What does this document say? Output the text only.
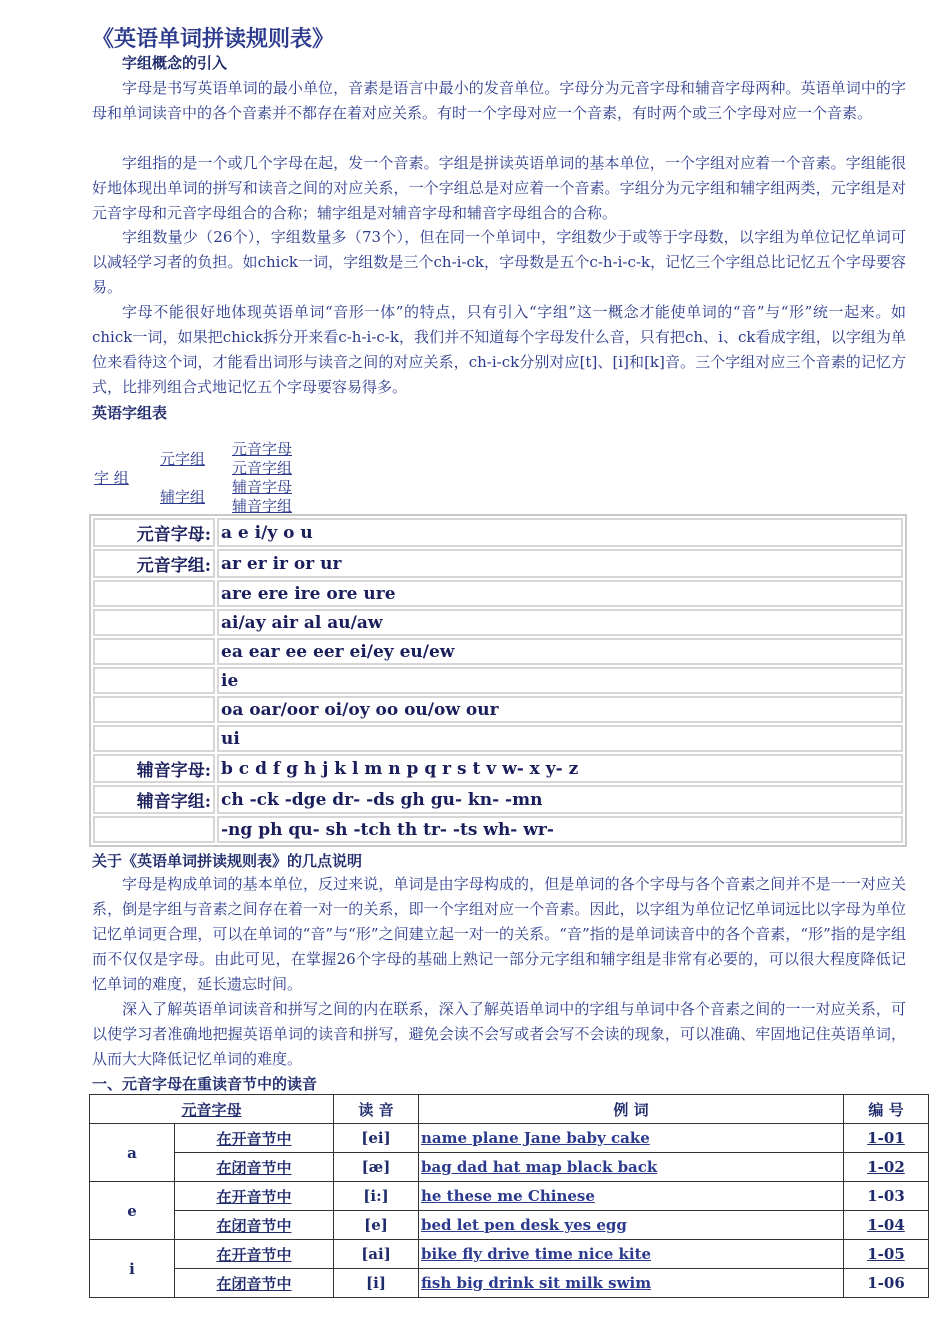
《英语单词拼读规则表》

字组概念的引入

字母是书写英语单词的最小单位，音素是语言中最小的发音单位。字母分为元音字母和辅音字母两种。英语单词中的字母和单词读音中的各个音素并不都存在着对应关系。有时一个字母对应一个音素，有时两个或三个字母对应一个音素。

字组指的是一个或几个字母在起，发一个音素。字组是拼读英语单词的基本单位，一个字组对应着一个音素。字组能很好地体现出单词的拼写和读音之间的对应关系，一个字组总是对应着一个音素。字组分为元字组和辅字组两类，元字组是对元音字母和元音字母组合的合称；辅字组是对辅音字母和辅音字母组合的合称。

字组数量少（26个），字组数量多（73个），但在同一个单词中，字组数少于或等于字母数，以字组为单位记忆单词可以减轻学习者的负担。如chick一词，字组数是三个ch-i-ck，字母数是五个c-h-i-c-k，记忆三个字组总比记忆五个字母要容易。

字母不能很好地体现英语单词“音形一体”的特点，只有引入“字组”这一概念才能使单词的“音”与“形”统一起来。如chick一词，如果把chick拆分开来看c-h-i-c-k，我们并不知道每个字母发什么音，只有把ch、i、ck看成字组，以字组为单位来看待这个词，才能看出词形与读音之间的对应关系，ch-i-ck分别对应[t]、[i]和[k]音。三个字组对应三个音素的记忆方式，比排列组合式地记忆五个字母要容易得多。

英语字组表

字 组
元字组
辅字组
元音字母
元音字组
辅音字母
辅音字组
元音字母:	a e i/y o u
元音字组:	ar er ir or ur
	are ere ire ore ure
	ai/ay air al au/aw
	ea ear ee eer ei/ey eu/ew
	ie
	oa oar/oor oi/oy oo ou/ow our
	ui
辅音字母:	b c d f g h j k l m n p q r s t v w- x y- z
辅音字组:	ch -ck -dge dr- -ds gh gu- kn- -mn
	-ng ph qu- sh -tch th tr- -ts wh- wr-

关于《英语单词拼读规则表》的几点说明

字母是构成单词的基本单位，反过来说，单词是由字母构成的，但是单词的各个字母与各个音素之间并不是一一对应关系，倒是字组与音素之间存在着一对一的关系，即一个字组对应一个音素。因此，以字组为单位记忆单词远比以字母为单位记忆单词更合理，可以在单词的“音”与“形”之间建立起一对一的关系。“音”指的是单词读音中的各个音素，“形”指的是字组而不仅仅是字母。由此可见，在掌握26个字母的基础上熟记一部分元字组和辅字组是非常有必要的，可以很大程度降低记忆单词的难度，延长遗忘时间。

深入了解英语单词读音和拼写之间的内在联系，深入了解英语单词中的字组与单词中各个音素之间的一一对应关系，可以使学习者准确地把握英语单词的读音和拼写，避免会读不会写或者会写不会读的现象，可以准确、牢固地记住英语单词，从而大大降低记忆单词的难度。

一、元音字母在重读音节中的读音

元音字母		读 音	例 词	编 号
a	在开音节中	[ei]	name plane Jane baby cake	1-01
	在闭音节中	[æ]	bag dad hat map black back	1-02
e	在开音节中	[i:]	he these me Chinese	1-03
	在闭音节中	[e]	bed let pen desk yes egg	1-04
i	在开音节中	[ai]	bike fly drive time nice kite	1-05
	在闭音节中	[i]	fish big drink sit milk swim	1-06
